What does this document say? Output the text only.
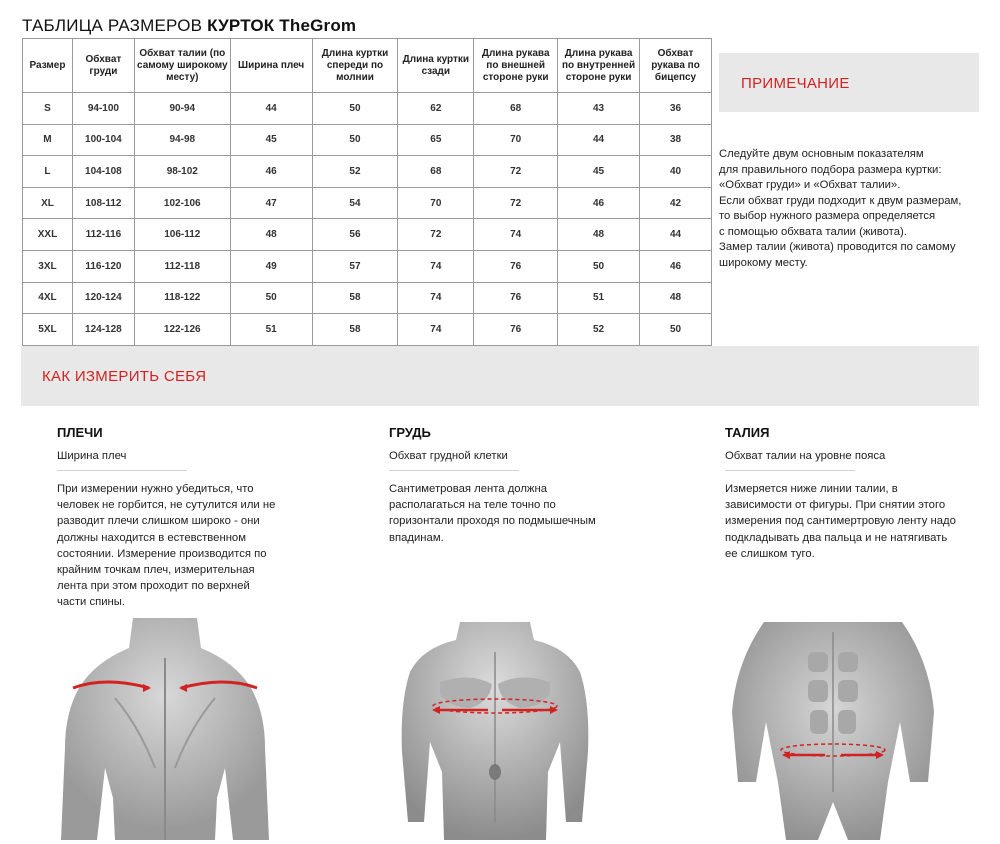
ТАБЛИЦА РАЗМЕРОВ КУРТОК TheGrom
Размер	Обхват груди	Обхват талии (по самому широкому месту)	Ширина плеч	Длина куртки спереди по молнии	Длина куртки сзади	Длина рукава по внешней стороне руки	Длина рукава по внутренней стороне руки	Обхват рукава по бицепсу
S	94-100	90-94	44	50	62	68	43	36
M	100-104	94-98	45	50	65	70	44	38
L	104-108	98-102	46	52	68	72	45	40
XL	108-112	102-106	47	54	70	72	46	42
XXL	112-116	106-112	48	56	72	74	48	44
3XL	116-120	112-118	49	57	74	76	50	46
4XL	120-124	118-122	50	58	74	76	51	48
5XL	124-128	122-126	51	58	74	76	52	50
ПРИМЕЧАНИЕ

Следуйте двум основным показателям
для правильного подбора размера куртки:
«Обхват груди» и «Обхват талии».
Если обхват груди подходит к двум размерам,
то выбор нужного размера определяется
с помощью обхвата талии (живота).
Замер талии (живота) проводится по самому
широкому месту.

КАК ИЗМЕРИТЬ СЕБЯ
ПЛЕЧИ
Ширина плеч
При измерении нужно убедиться, что
человек не горбится, не сутулится или не
разводит плечи слишком широко - они
должны находится в естевственном
состоянии. Измерение производится по
крайним точкам плеч, измерительная
лента при этом проходит по верхней
части спины.
ГРУДЬ
Обхват грудной клетки
Сантиметровая лента должна
располагаться на теле точно по
горизонтали проходя по подмышечным
впадинам.
ТАЛИЯ
Обхват талии на уровне пояса
Измеряется ниже линии талии, в
зависимости от фигуры. При снятии этого
измерения под сантимертровую ленту надо
подкладывать два пальца и не натягивать
ее слишком туго.
